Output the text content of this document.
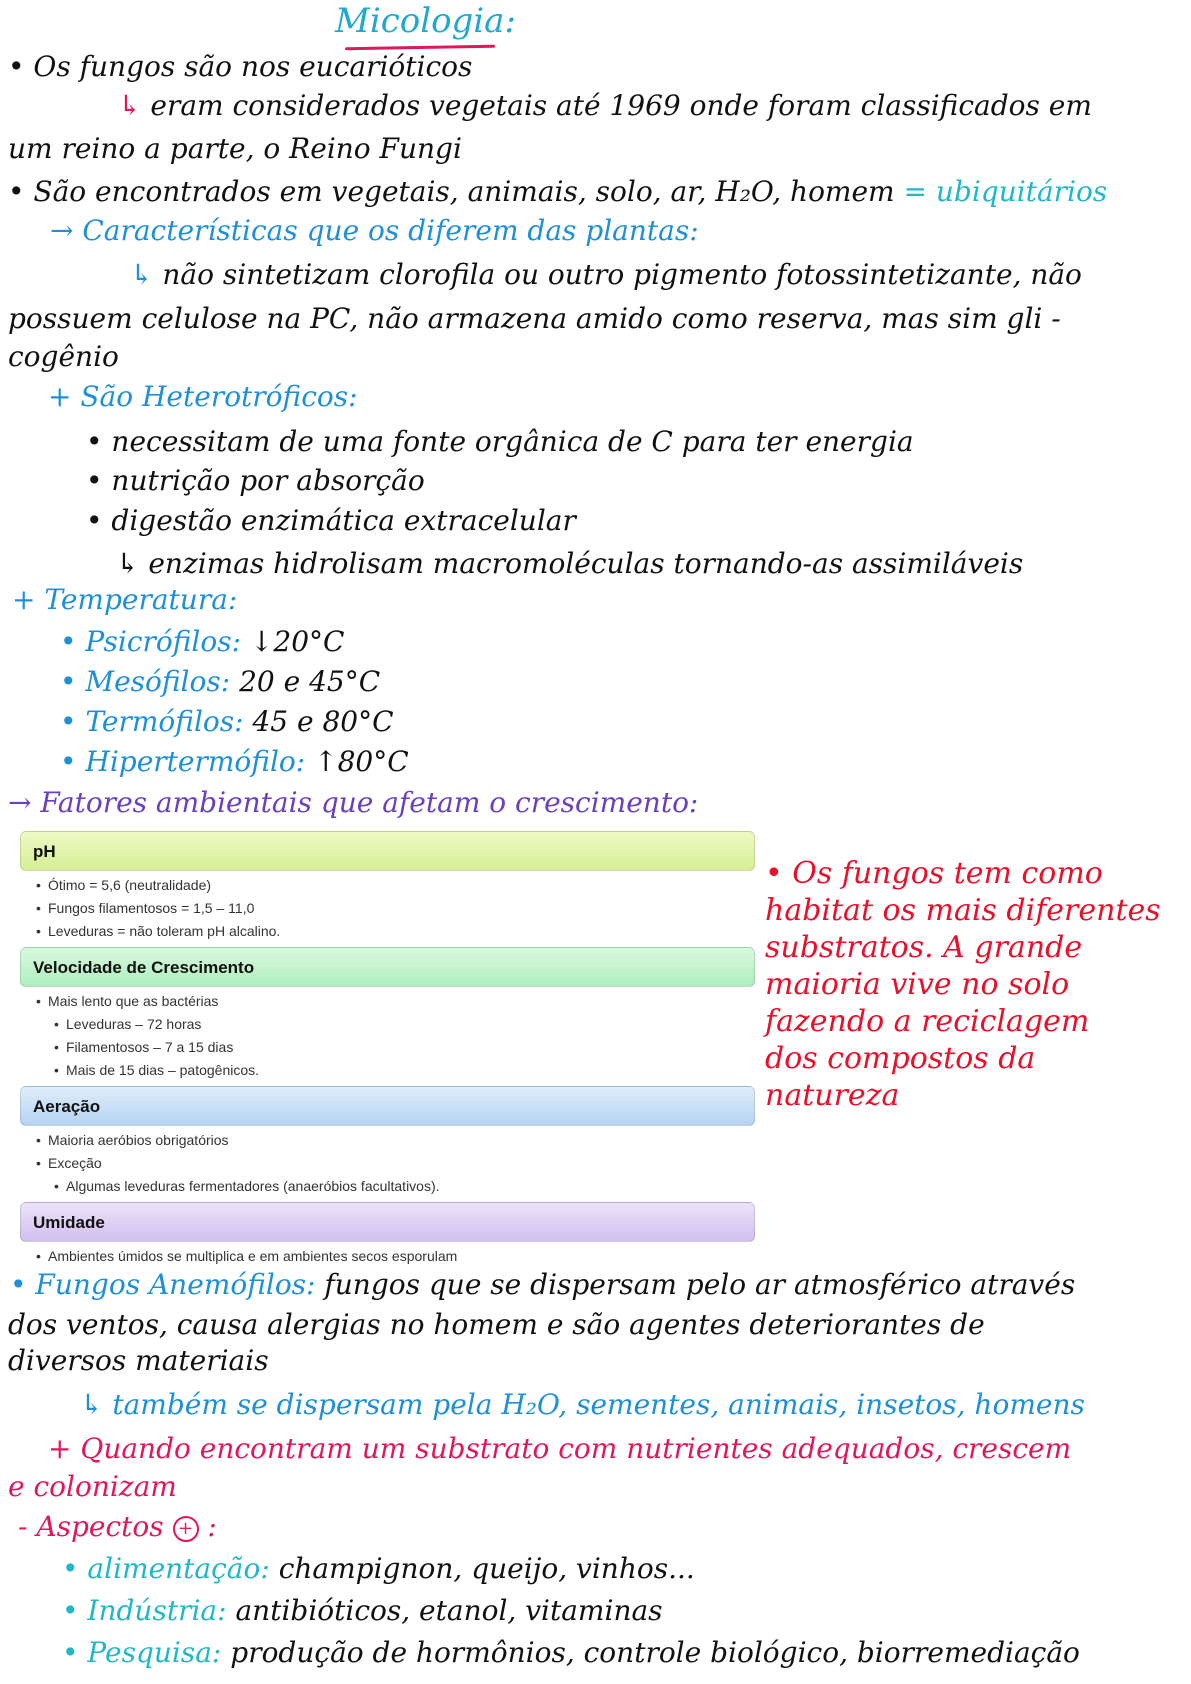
Micologia:
• Os fungos são nos eucarióticos
↳ eram considerados vegetais até 1969 onde foram classificados em
um reino a parte, o Reino Fungi
• São encontrados em vegetais, animais, solo, ar, H₂O, homem = ubiquitários
→ Características que os diferem das plantas:
↳ não sintetizam clorofila ou outro pigmento fotossintetizante, não
possuem celulose na PC, não armazena amido como reserva, mas sim gli -
cogênio
+ São Heterotróficos:
• necessitam de uma fonte orgânica de C para ter energia
• nutrição por absorção
• digestão enzimática extracelular
↳ enzimas hidrolisam macromoléculas tornando-as assimiláveis
+ Temperatura:
• Psicrófilos: ↓20°C
• Mesófilos: 20 e 45°C
• Termófilos: 45 e 80°C
• Hipertermófilo: ↑80°C
→ Fatores ambientais que afetam o crescimento:
pH
• Ótimo = 5,6 (neutralidade)
• Fungos filamentosos = 1,5 – 11,0
• Leveduras = não toleram pH alcalino.
Velocidade de Crescimento
• Mais lento que as bactérias
• Leveduras – 72 horas
• Filamentosos – 7 a 15 dias
• Mais de 15 dias – patogênicos.
Aeração
• Maioria aeróbios obrigatórios
• Exceção
• Algumas leveduras fermentadores (anaeróbios facultativos).
Umidade
• Ambientes úmidos se multiplica e em ambientes secos esporulam
• Os fungos tem como
habitat os mais diferentes
substratos. A grande
maioria vive no solo
fazendo a reciclagem
dos compostos da
natureza
• Fungos Anemófilos: fungos que se dispersam pelo ar atmosférico através
dos ventos, causa alergias no homem e são agentes deteriorantes de
diversos materiais
↳ também se dispersam pela H₂O, sementes, animais, insetos, homens
+ Quando encontram um substrato com nutrientes adequados, crescem
e colonizam
- Aspectos + :
• alimentação: champignon, queijo, vinhos...
• Indústria: antibióticos, etanol, vitaminas
• Pesquisa: produção de hormônios, controle biológico, biorremediação
